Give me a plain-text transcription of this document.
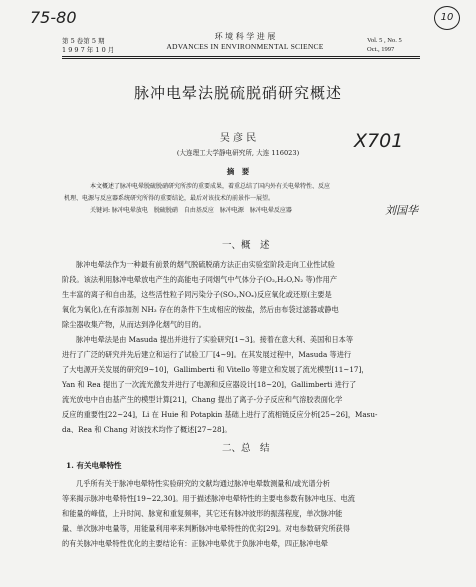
75-80	10
第 5 卷第 5 期
1 9 9 7 年 1 0 月
环 境 科 学 进 展
ADVANCES IN ENVIRONMENTAL SCIENCE
Vol. 5 , No. 5
Oct., 1997
脉冲电晕法脱硫脱硝研究概述
吴 彦 民	X701
(大连理工大学静电研究所, 大连 116023)
摘　要
本文概述了脉冲电晕脱硫脱硝研究所涉的重要成果，着重总结了国内外有关电晕特性、反应
机理、电源与反应器系统研究所得的重要结论，最后对该技术的前景作一展望。
关键词: 脉冲电晕放电　脱硫脱硝　自由基反应　脉冲电源　脉冲电晕反应器	刘国华
一、概　述
脉冲电晕法作为一种最有前景的烟气脱硫脱硝方法正由实验室阶段走向工业性试验
阶段。该法利用脉冲电晕放电产生的高能电子同烟气中气体分子(O₂,H₂O,N₂ 等)作用产
生丰富的离子和自由基，这些活性粒子同污染分子(SO₂,NOₓ)反应氧化或还原(主要是
氧化为氧化),在有添加剂 NH₃ 存在的条件下生成相应的铵盐，然后由布袋过滤器或静电
除尘器收集产物，从而达到净化烟气的目的。
脉冲电晕法是由 Masuda 提出并进行了实验研究[1~3]。接着在意大利、美国和日本等
进行了广泛的研究并先后建立和运行了试验工厂[4~9]。在其发展过程中，Masuda 等进行
了大电源开关发展的研究[9~10]，Gallimberti 和 Vitello 等建立和发展了流光模型[11~17]，
Yan 和 Rea 提出了一次流光激发并进行了电源和反应器设计[18~20]，Gallimberti 进行了
流光放电中自由基产生的模型计算[21]，Chang 提出了离子-分子反应和气溶胶表面化学
反应的重要性[22~24]，Li 在 Huie 和 Potapkin 基础上进行了流相链反应分析[25~26]，Masu-
da、Rea 和 Chang 对该技术均作了概述[27~28]。
二、总　结
1. 有关电晕特性
几乎所有关于脉冲电晕特性实验研究的文献均通过脉冲电晕数测量和/或光谱分析
等来揭示脉冲电晕特性[19~22,30]。用于描述脉冲电晕特性的主要电参数有脉冲电压、电流
和能量的峰值，上升时间、脉宽和重复频率，其它还有脉冲波形的振荡程度，单次脉冲能
量、单次脉冲电量等，用能量利用率来判断脉冲电晕特性的优劣[29]。对电参数研究所获得
的有关脉冲电晕特性优化的主要结论有：正脉冲电晕优于负脉冲电晕，四正脉冲电晕
